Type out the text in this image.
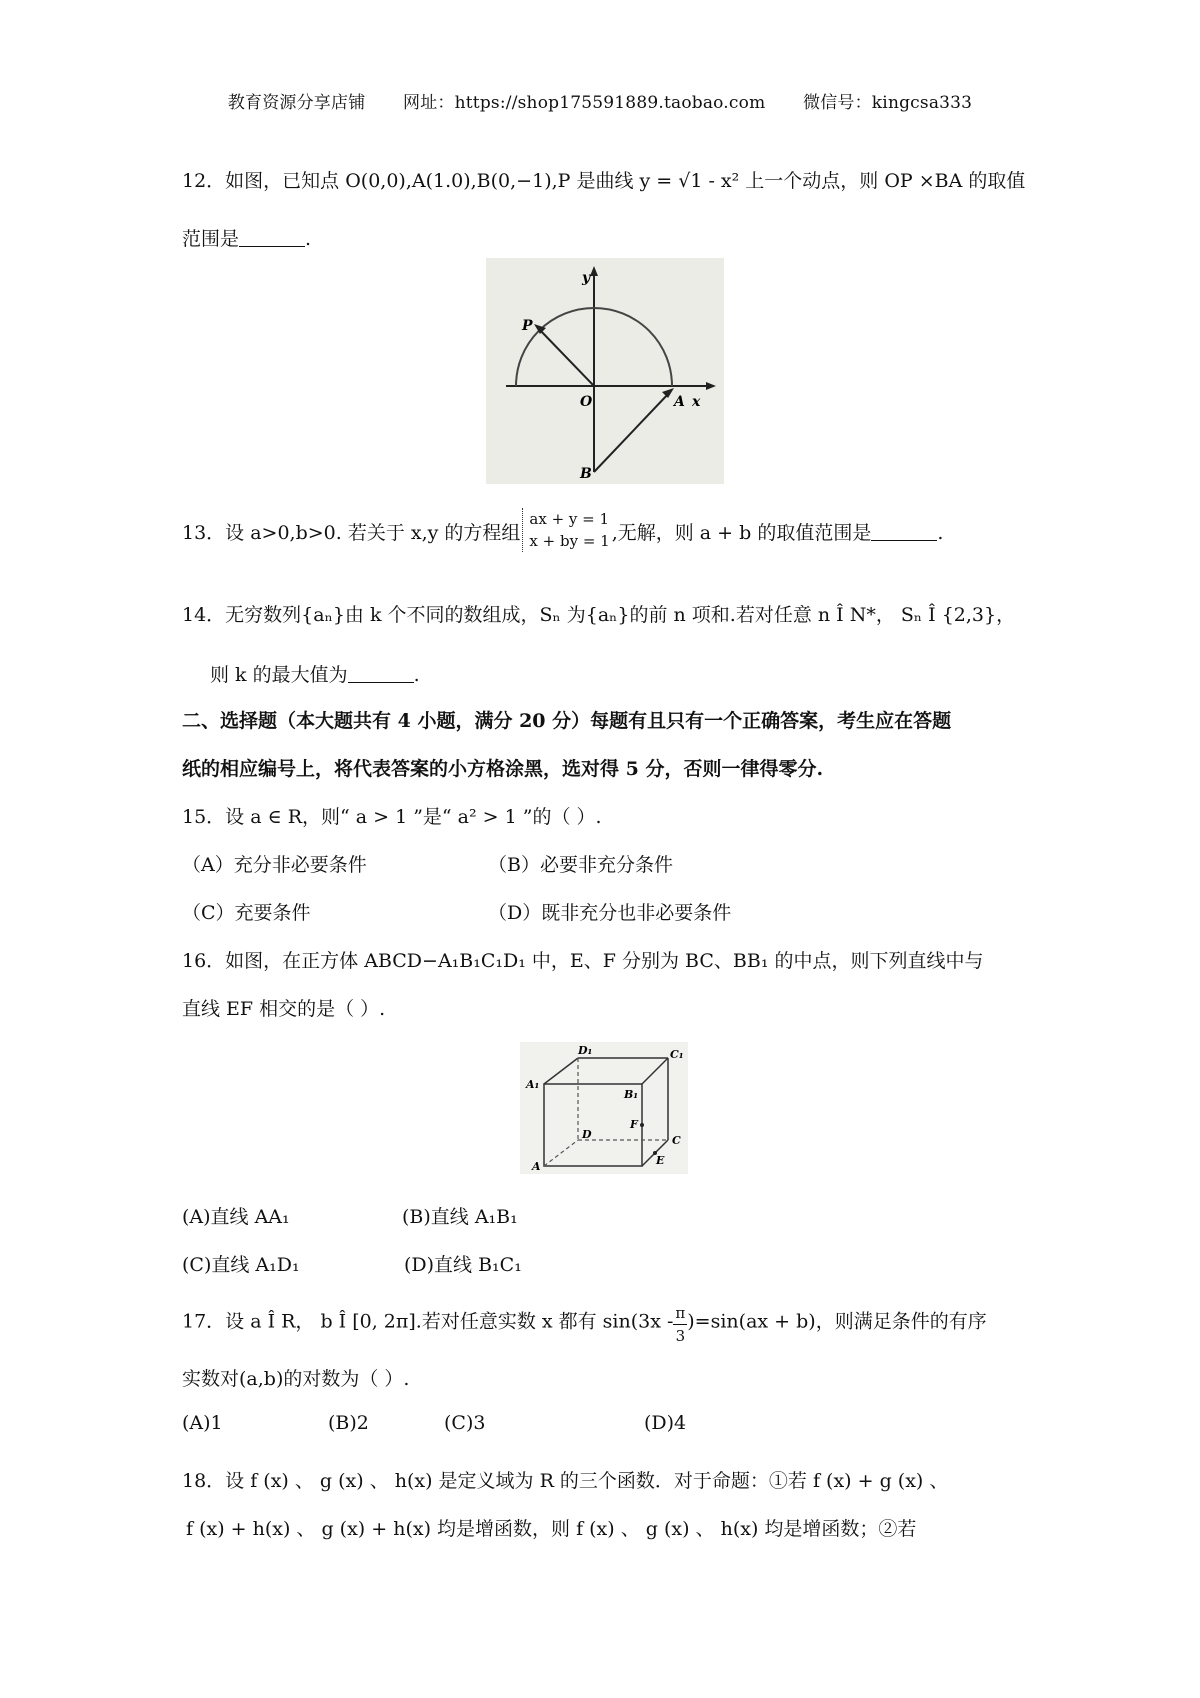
教育资源分享店铺 网址：https://shop175591889.taobao.com 微信号：kingcsa333
12．如图，已知点 O(0,0),A(1.0),B(0,−1),P 是曲线 y = √1 - x² 上一个动点，则 OP ×BA 的取值
范围是	.
y
x
P
O	A
B
13．设 a>0,b>0. 若关于 x,y 的方程组
ax + y = 1
x + by = 1 ,无解，则 a + b 的取值范围是	.
14．无穷数列{aₙ}由 k 个不同的数组成，Sₙ 为{aₙ}的前 n 项和.若对任意 n Î N*， Sₙ Î {2,3}，
则 k 的最大值为	.
二、选择题（本大题共有 4 小题，满分 20 分）每题有且只有一个正确答案，考生应在答题
纸的相应编号上，将代表答案的小方格涂黑，选对得 5 分，否则一律得零分.
15．设 a ∈ R，则“ a > 1 ”是“ a² > 1 ”的（ ）.
（A）充分非必要条件	（B）必要非充分条件
（C）充要条件	（D）既非充分也非必要条件
16．如图，在正方体 ABCD−A₁B₁C₁D₁ 中，E、F 分别为 BC、BB₁ 的中点，则下列直线中与
直线 EF 相交的是（ ）.
D₁	C₁
A₁
B₁
D
F
C
A	E
(A)直线 AA₁	(B)直线 A₁B₁
(C)直线 A₁D₁	(D)直线 B₁C₁
17．设 a Î R， b Î [0, 2π].若对任意实数 x 都有 $\sin(3x - \frac{\pi}{3} )=\sin(ax + b)$，则满足条件的有序
实数对(a,b)的对数为（ ）.
(A)1	(B)2	(C)3	(D)4
18．设 f (x) 、 g (x) 、 h(x) 是定义域为 R 的三个函数．对于命题：①若 f (x) + g (x) 、
f (x) + h(x) 、 g (x) + h(x) 均是增函数，则 f (x) 、 g (x) 、 h(x) 均是增函数；②若
